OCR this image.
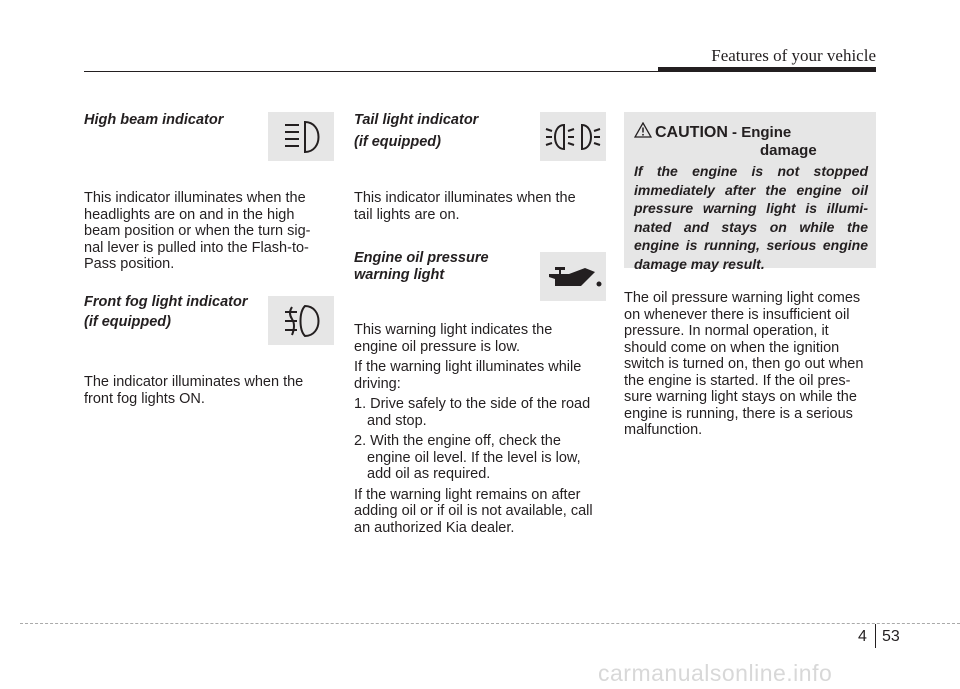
Features of your vehicle
High beam indicator

This indicator illuminates when the

headlights are on and in the high

beam position or when the turn sig-

nal lever is pulled into the Flash-to-

Pass position.

Front fog light indicator
(if equipped)

The indicator illuminates when the

front fog lights ON.

Tail light indicator
(if equipped)

This indicator illuminates when the

tail lights are on.

Engine oil pressure
warning light

This warning light indicates the

engine oil pressure is low.

If the warning light illuminates while

driving:

1. Drive safely to the side of the road and stop.

2. With the engine off, check the engine oil level. If the level is low, add oil as required.

If the warning light remains on after

adding oil or if oil is not available, call

an authorized Kia dealer.

CAUTION - Engine
damage
If the engine is not stopped immediately after the engine oil pressure warning light is illumi-nated and stays on while the engine is running, serious engine damage may result.

The oil pressure warning light comes

on whenever there is insufficient oil

pressure. In normal operation, it

should come on when the ignition

switch is turned on, then go out when

the engine is started. If the oil pres-

sure warning light stays on while the

engine is running, there is a serious

malfunction.

4 53
carmanualsonline.info
